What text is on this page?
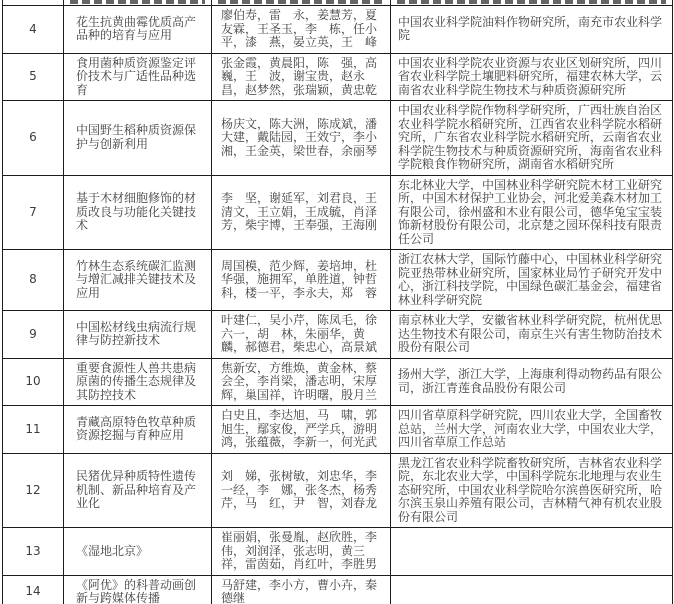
4	花生抗黄曲霉优质高产品种的培育与应用	廖伯寿，雷　永，姜慧芳，夏友霖，王圣玉，李　栋，任小平，漆　燕，晏立英，王　峰	中国农业科学院油料作物研究所，南充市农业科学院
5	食用菌种质资源鉴定评价技术与广适性品种选育	张金霞，黄晨阳，陈　强，高　巍，王　波，谢宝贵，赵永昌，赵梦然，张瑞颖，黄忠乾	中国农业科学院农业资源与农业区划研究所，四川省农业科学院土壤肥料研究所，福建农林大学，云南省农业科学院生物技术与种质资源研究所
6	中国野生稻种质资源保护与创新利用	杨庆文，陈大洲，陈成斌，潘大建，戴陆园，王效宁，李小湘，王金英，梁世春，余丽琴	中国农业科学院作物科学研究所，广西壮族自治区农业科学院水稻研究所，江西省农业科学院水稻研究所，广东省农业科学院水稻研究所，云南省农业科学院生物技术与种质资源研究所，海南省农业科学院粮食作物研究所，湖南省水稻研究所
7	基于木材细胞修饰的材质改良与功能化关键技术	李　坚，谢延军，刘君良，王清文，王立娟，王成毓，肖泽芳，柴宇博，王奉强，王海刚	东北林业大学，中国林业科学研究院木材工业研究所，中国木材保护工业协会，河北爱美森木材加工有限公司，徐州盛和木业有限公司，德华兔宝宝装饰新材股份有限公司，北京楚之园环保科技有限责任公司
8	竹林生态系统碳汇监测与增汇减排关键技术及应用	周国模，范少辉，姜培坤，杜华强，施拥军，单胜道，钟哲科，楼一平，李永夫，郑　蓉	浙江农林大学，国际竹藤中心，中国林业科学研究院亚热带林业研究所，国家林业局竹子研究开发中心，浙江科技学院，中国绿色碳汇基金会，福建省林业科学研究院
9	中国松材线虫病流行规律与防控新技术	叶建仁，吴小芹，陈凤毛，徐六一，胡　林，朱丽华，黄　麟，郝德君，柴忠心，高景斌	南京林业大学，安徽省林业科学研究院，杭州优思达生物技术有限公司，南京生兴有害生物防治技术股份有限公司
10	重要食源性人兽共患病原菌的传播生态规律及其防控技术	焦新安，方维焕，黄金林，蔡会全，李肖梁，潘志明，宋厚辉，巢国祥，许明曙，殷月兰	扬州大学，浙江大学，上海康利得动物药品有限公司，浙江青莲食品股份有限公司
11	青藏高原特色牧草种质资源挖掘与育种应用	白史且，李达旭，马　啸，郭旭生，鄢家俊，严学兵，游明鸿，张蕴薇，李新一，何光武	四川省草原科学研究院，四川农业大学，全国畜牧总站，兰州大学，河南农业大学，中国农业大学，四川省草原工作总站
12	民猪优异种质特性遗传机制、新品种培育及产业化	刘　娣，张树敏，刘忠华，李一经，李　娜，张冬杰，杨秀芹，马　红，尹　智，刘春龙	黑龙江省农业科学院畜牧研究所，吉林省农业科学院，东北农业大学，中国科学院东北地理与农业生态研究所，中国农业科学院哈尔滨兽医研究所，哈尔滨玉泉山养殖有限公司，吉林精气神有机农业股份有限公司
13	《湿地北京》	崔丽娟，张曼胤，赵欣胜，李　伟，刘润泽，张志明，黄三祥，雷茵茹，肖红叶，李胜男	
14	《阿优》的科普动画创新与跨媒体传播	马舒建，李小方，曹小卉，秦德继	
